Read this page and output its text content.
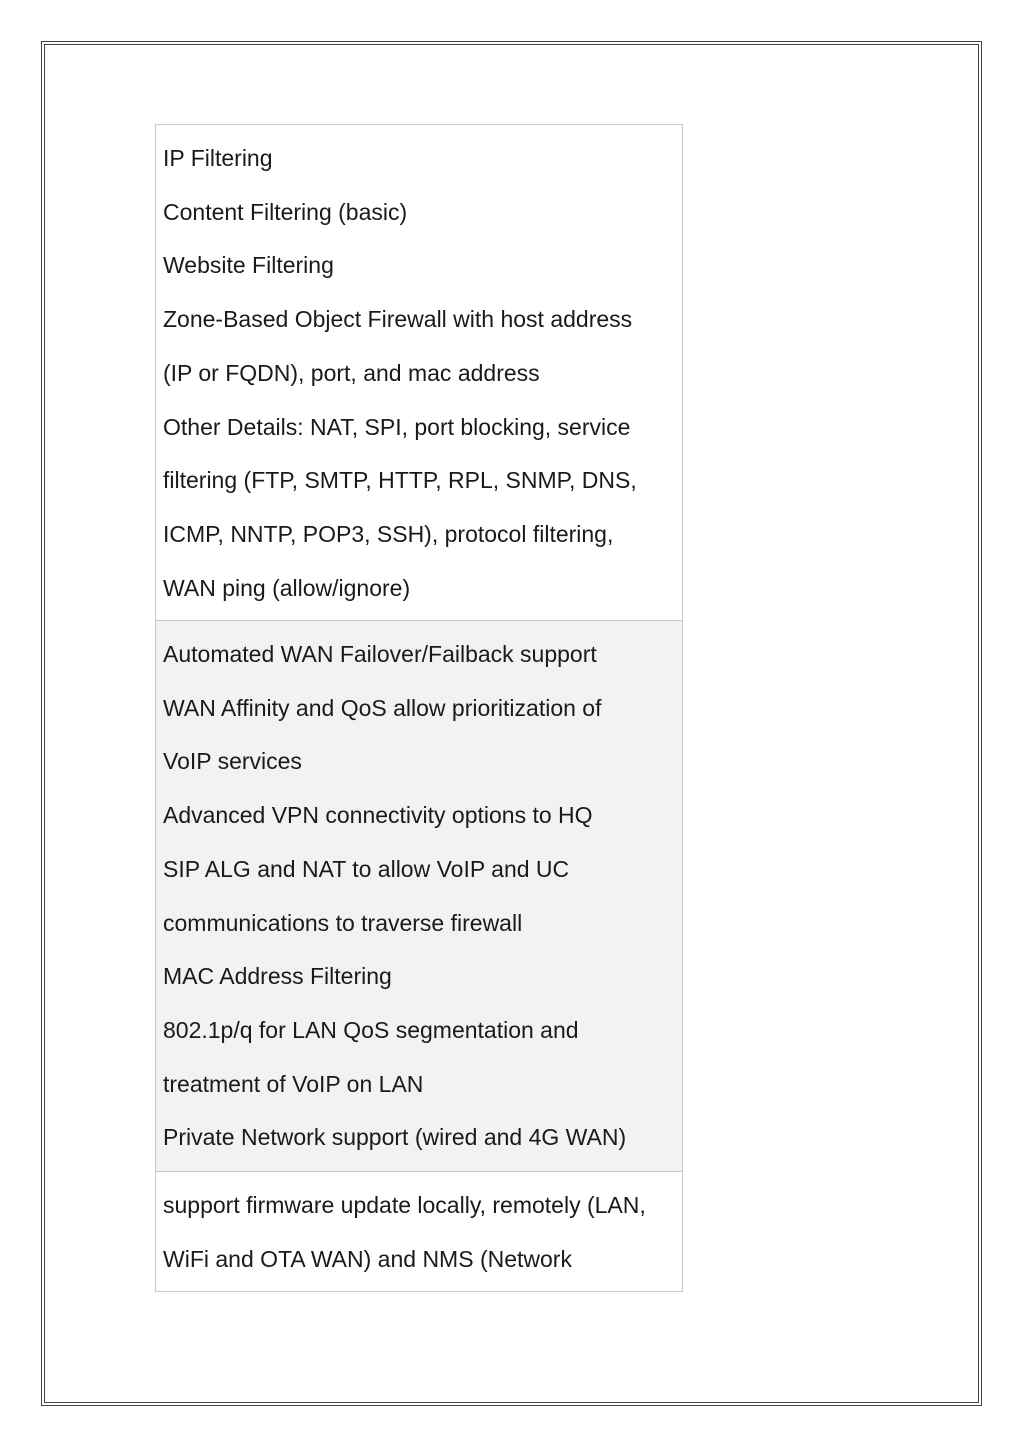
IP Filtering
Content Filtering (basic)
Website Filtering
Zone-Based Object Firewall with host address
(IP or FQDN), port, and mac address
Other Details: NAT, SPI, port blocking, service
filtering (FTP, SMTP, HTTP, RPL, SNMP, DNS,
ICMP, NNTP, POP3, SSH), protocol filtering,
WAN ping (allow/ignore)
Automated WAN Failover/Failback support
WAN Affinity and QoS allow prioritization of
VoIP services
Advanced VPN connectivity options to HQ
SIP ALG and NAT to allow VoIP and UC
communications to traverse firewall
MAC Address Filtering
802.1p/q for LAN QoS segmentation and
treatment of VoIP on LAN
Private Network support (wired and 4G WAN)
support firmware update locally, remotely (LAN,
WiFi and OTA WAN) and NMS (Network
